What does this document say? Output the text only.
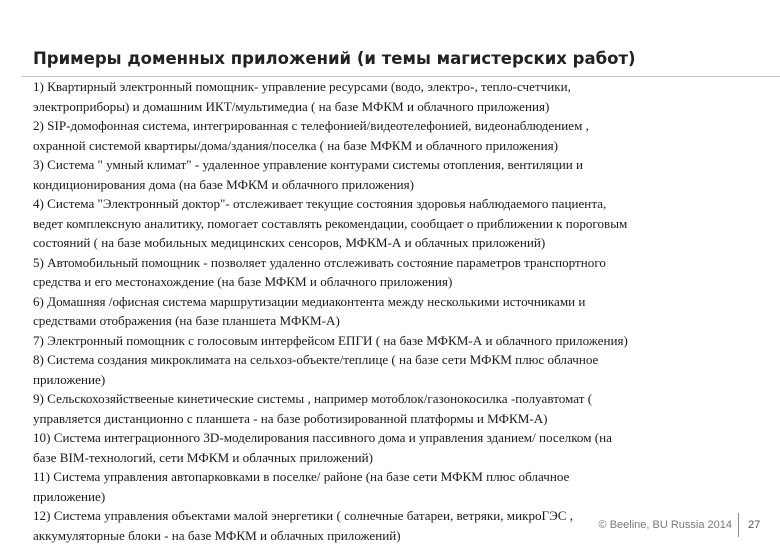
Примеры доменных приложений (и темы магистерских работ)
1) Квартирный электронный помощник- управление ресурсами (водо, электро-, тепло-счетчики,
электроприборы) и домашним ИКТ/мультимедиа ( на базе МФКМ и облачного приложения)
2) SIP-домофонная система, интегрированная с телефонией/видеотелефонией, видеонаблюдением ,
охранной системой квартиры/дома/здания/поселка ( на базе МФКМ и облачного приложения)
3) Система " умный климат" - удаленное управление контурами системы отопления, вентиляции и
кондиционирования дома (на базе МФКМ и облачного приложения)
4) Система "Электронный доктор"- отслеживает текущие состояния здоровья наблюдаемого пациента,
ведет комплексную аналитику, помогает составлять рекомендации, сообщает о приближении к пороговым
состояний ( на базе мобильных медицинских сенсоров, МФКМ-А и облачных приложений)
5) Автомобильный помощник - позволяет удаленно отслеживать состояние параметров транспортного
средства и его местонахождение (на базе МФКМ и облачного приложения)
6) Домашняя /офисная система маршрутизации медиаконтента между несколькими источниками и
средствами отображения (на базе планшета МФКМ-А)
7) Электронный помощник с голосовым интерфейсом ЕПГИ ( на базе МФКМ-А и облачного приложения)
8) Система создания микроклимата на сельхоз-объекте/теплице ( на базе сети МФКМ плюс облачное
приложение)
9) Сельскохозяйствееные кинетические системы , например мотоблок/газонокосилка -полуавтомат (
управляется дистанционно с планшета - на базе роботизированной платформы и МФКМ-А)
10) Система интеграционного 3D-моделирования пассивного дома и управления зданием/ поселком (на
базе BIM-технологий, сети МФКМ и облачных приложений)
11) Система управления автопарковками в поселке/ районе (на базе сети МФКМ плюс облачное
приложение)
12) Система управления объектами малой энергетики ( солнечные батареи, ветряки, микроГЭС ,
аккумуляторные блоки - на базе МФКМ и облачных приложений)
© Beeline, BU Russia 2014 27
